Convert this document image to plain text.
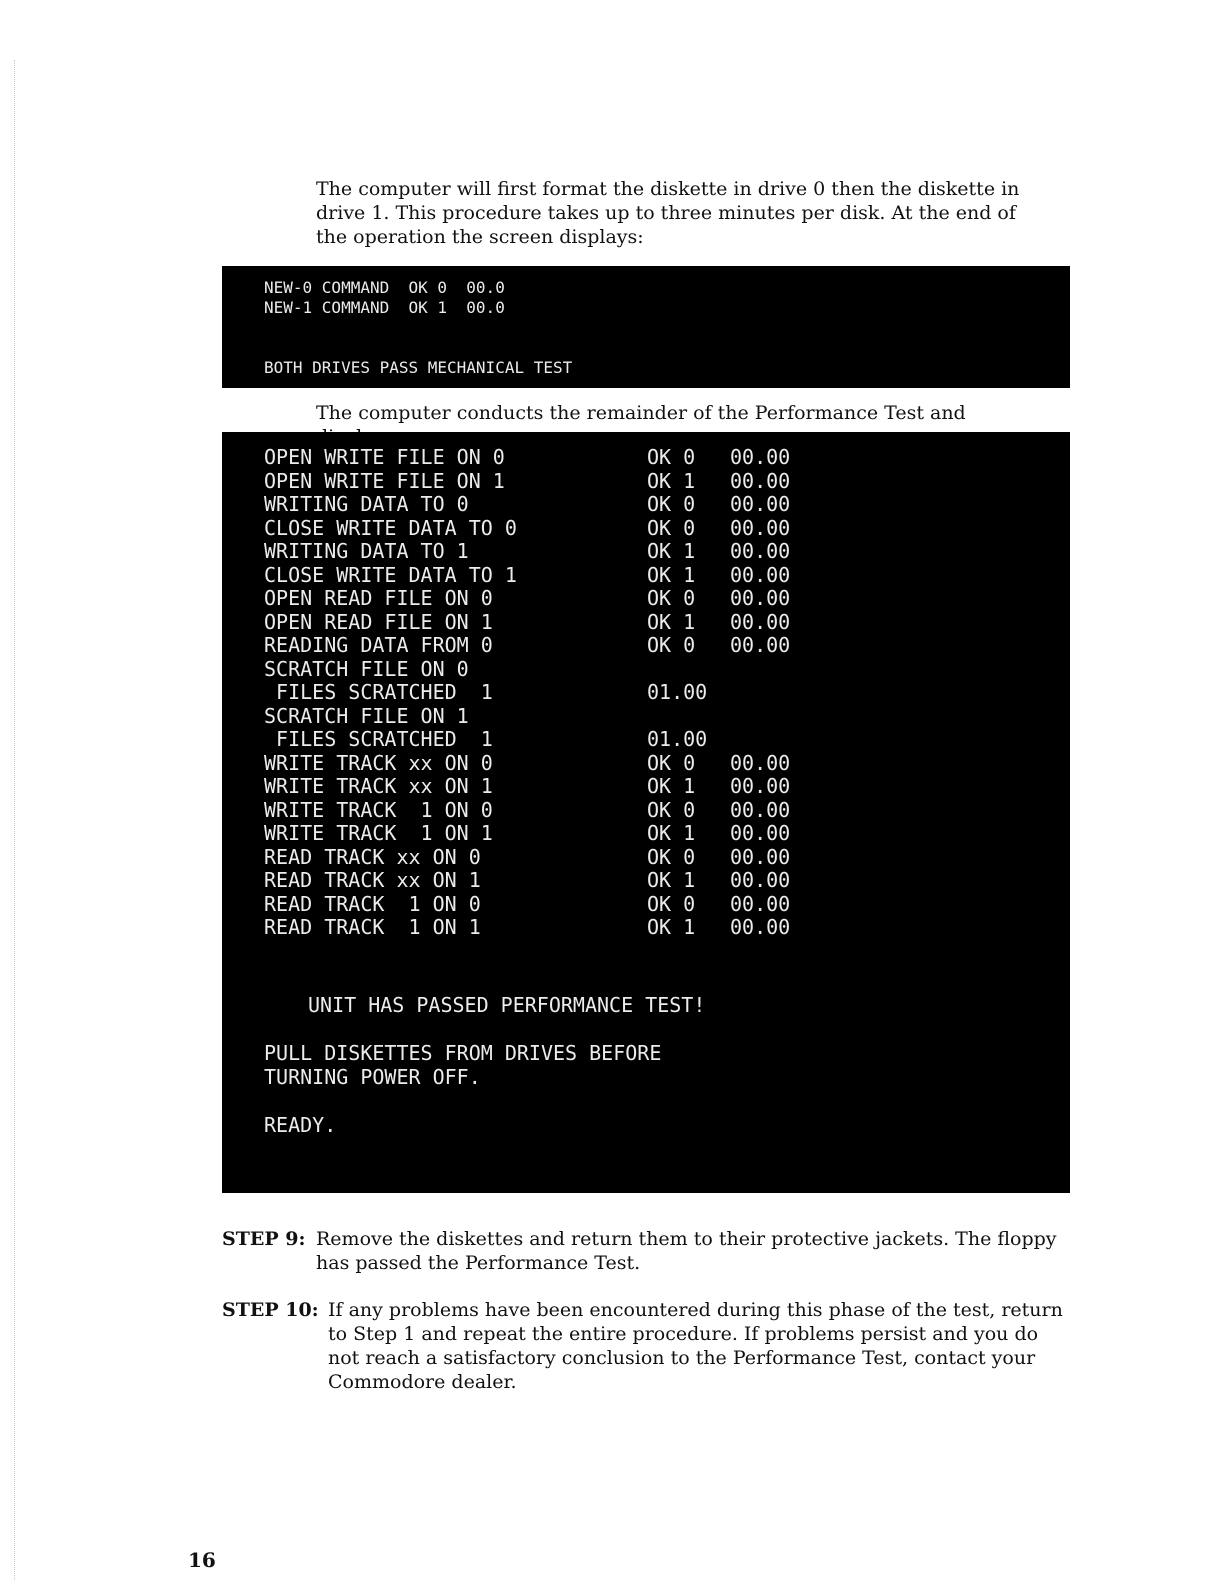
The computer will first format the diskette in drive 0 then the diskette in drive 1. This procedure takes up to three minutes per disk. At the end of the operation the screen displays:

NEW-0 COMMAND  OK 0  00.0

NEW-1 COMMAND  OK 1  00.0

BOTH DRIVES PASS MECHANICAL TEST

The computer conducts the remainder of the Performance Test and

OPEN WRITE FILE ON 0	OK 0 00.00
OPEN WRITE FILE ON 1	OK 1 00.00
WRITING DATA TO 0	OK 0 00.00
CLOSE WRITE DATA TO 0	OK 0 00.00
WRITING DATA TO 1	OK 1 00.00
CLOSE WRITE DATA TO 1	OK 1 00.00
OPEN READ FILE ON 0	OK 0 00.00
OPEN READ FILE ON 1	OK 1 00.00
READING DATA FROM 0	OK 0 00.00
SCRATCH FILE ON 0
FILES SCRATCHED  1	01.00
SCRATCH FILE ON 1
FILES SCRATCHED  1	01.00
WRITE TRACK xx ON 0	OK 0 00.00
WRITE TRACK xx ON 1	OK 1 00.00
WRITE TRACK  1 ON 0	OK 0 00.00
WRITE TRACK  1 ON 1	OK 1 00.00
READ TRACK xx ON 0	OK 0 00.00
READ TRACK xx ON 1	OK 1 00.00
READ TRACK  1 ON 0	OK 0 00.00
READ TRACK  1 ON 1	OK 1 00.00

UNIT HAS PASSED PERFORMANCE TEST!

PULL DISKETTES FROM DRIVES BEFORE

TURNING POWER OFF.

READY.

STEP 9: Remove the diskettes and return them to their protective jackets. The floppy has passed the Performance Test.

STEP 10: If any problems have been encountered during this phase of the test, return to Step 1 and repeat the entire procedure. If problems persist and you do not reach a satisfactory conclusion to the Performance Test, contact your Commodore dealer.

16
